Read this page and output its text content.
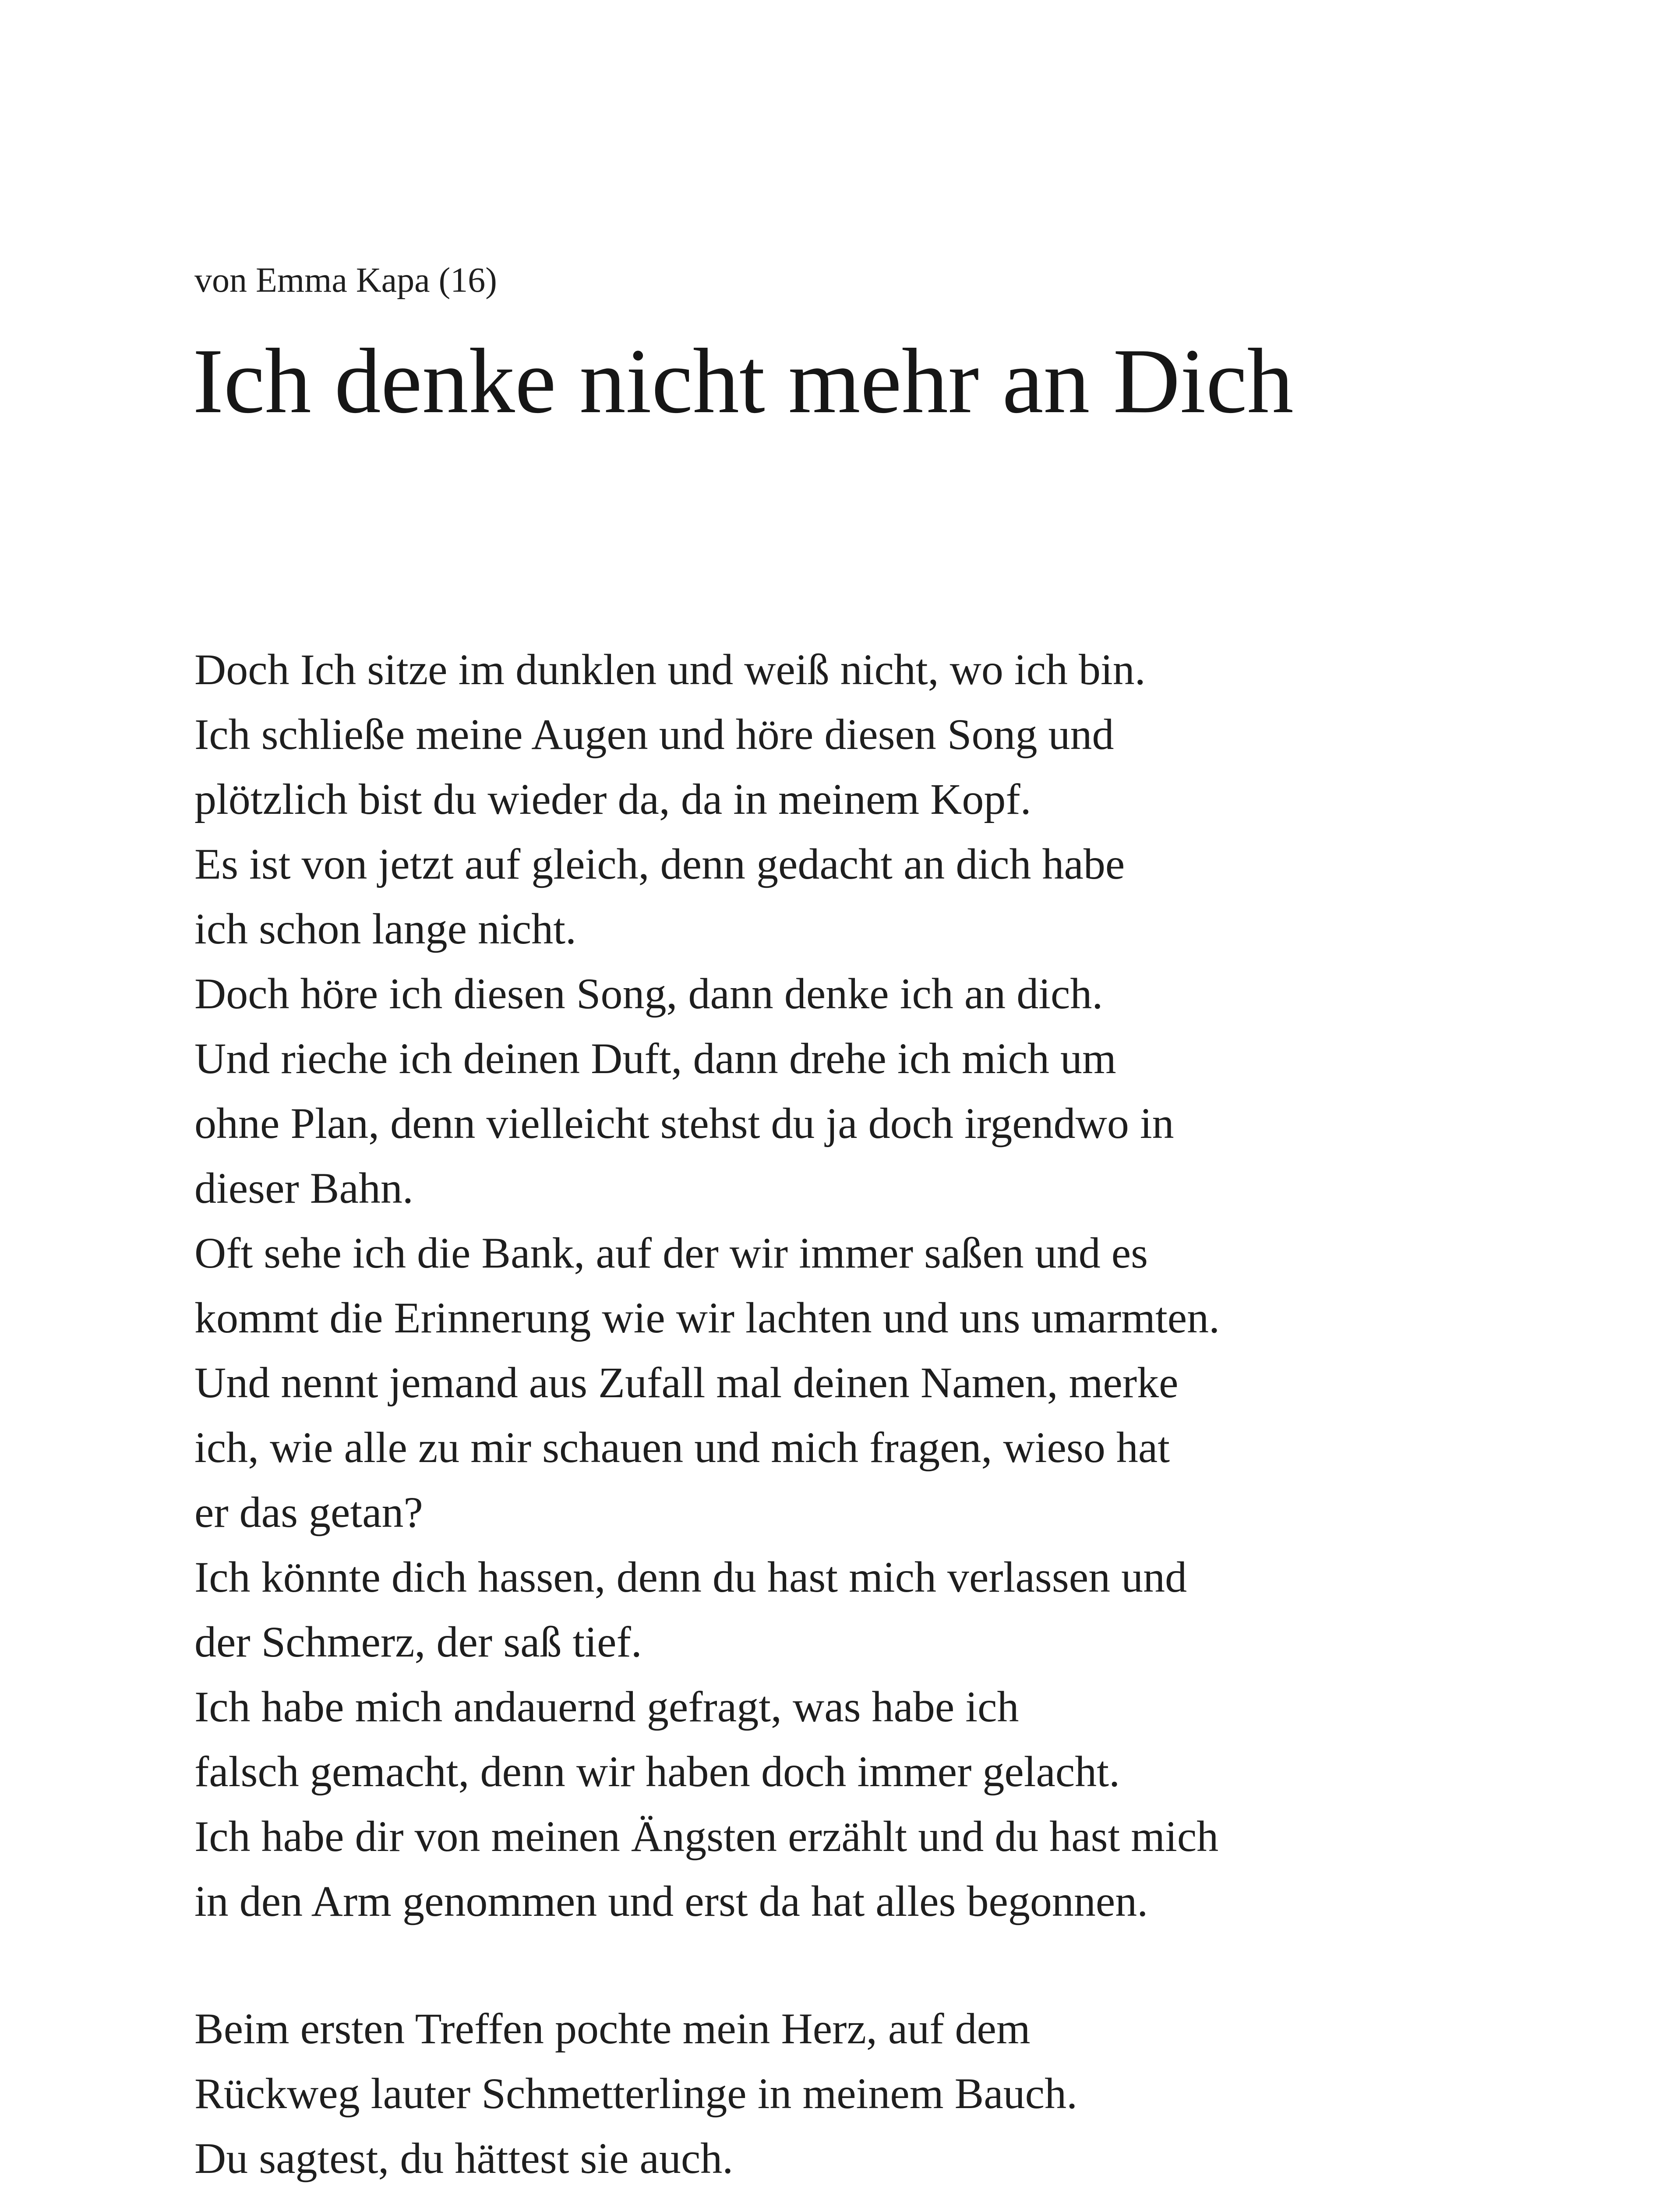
von Emma Kapa (16)
Ich denke nicht mehr an Dich
Doch Ich sitze im dunklen und weiß nicht, wo ich bin.
Ich schließe meine Augen und höre diesen Song und
plötzlich bist du wieder da, da in meinem Kopf.
Es ist von jetzt auf gleich, denn gedacht an dich habe
ich schon lange nicht.
Doch höre ich diesen Song, dann denke ich an dich.
Und rieche ich deinen Duft, dann drehe ich mich um
ohne Plan, denn vielleicht stehst du ja doch irgendwo in
dieser Bahn.
Oft sehe ich die Bank, auf der wir immer saßen und es
kommt die Erinnerung wie wir lachten und uns umarmten.
Und nennt jemand aus Zufall mal deinen Namen, merke
ich, wie alle zu mir schauen und mich fragen, wieso hat
er das getan?
Ich könnte dich hassen, denn du hast mich verlassen und
der Schmerz, der saß tief.
Ich habe mich andauernd gefragt, was habe ich
falsch gemacht, denn wir haben doch immer gelacht.
Ich habe dir von meinen Ängsten erzählt und du hast mich
in den Arm genommen und erst da hat alles begonnen.
Beim ersten Treffen pochte mein Herz, auf dem
Rückweg lauter Schmetterlinge in meinem Bauch.
Du sagtest, du hättest sie auch.
